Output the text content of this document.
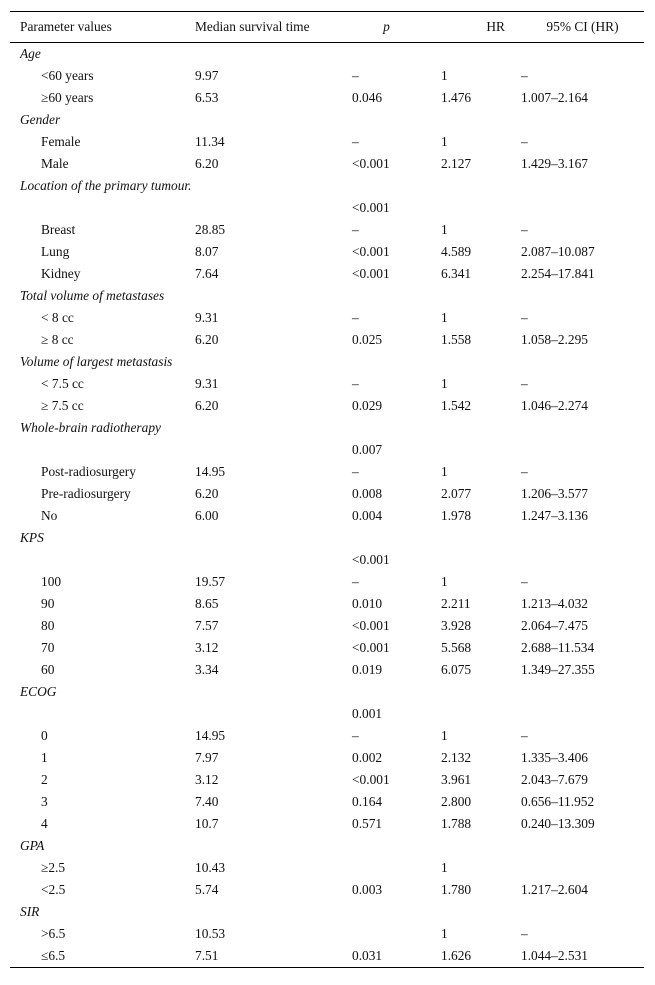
Parameter values	Median survival time	p	HR	95% CI (HR)
Age				
<60 years	9.97	–	1	–
≥60 years	6.53	0.046	1.476	1.007–2.164
Gender				
Female	11.34	–	1	–
Male	6.20	<0.001	2.127	1.429–3.167
Location of the primary tumour.				
		<0.001		
Breast	28.85	–	1	–
Lung	8.07	<0.001	4.589	2.087–10.087
Kidney	7.64	<0.001	6.341	2.254–17.841
Total volume of metastases				
< 8 cc	9.31	–	1	–
≥ 8 cc	6.20	0.025	1.558	1.058–2.295
Volume of largest metastasis				
< 7.5 cc	9.31	–	1	–
≥ 7.5 cc	6.20	0.029	1.542	1.046–2.274
Whole-brain radiotherapy				
		0.007		
Post-radiosurgery	14.95	–	1	–
Pre-radiosurgery	6.20	0.008	2.077	1.206–3.577
No	6.00	0.004	1.978	1.247–3.136
KPS				
		<0.001		
100	19.57	–	1	–
90	8.65	0.010	2.211	1.213–4.032
80	7.57	<0.001	3.928	2.064–7.475
70	3.12	<0.001	5.568	2.688–11.534
60	3.34	0.019	6.075	1.349–27.355
ECOG				
		0.001		
0	14.95	–	1	–
1	7.97	0.002	2.132	1.335–3.406
2	3.12	<0.001	3.961	2.043–7.679
3	7.40	0.164	2.800	0.656–11.952
4	10.7	0.571	1.788	0.240–13.309
GPA				
≥2.5	10.43		1	
<2.5	5.74	0.003	1.780	1.217–2.604
SIR				
>6.5	10.53		1	–
≤6.5	7.51	0.031	1.626	1.044–2.531
